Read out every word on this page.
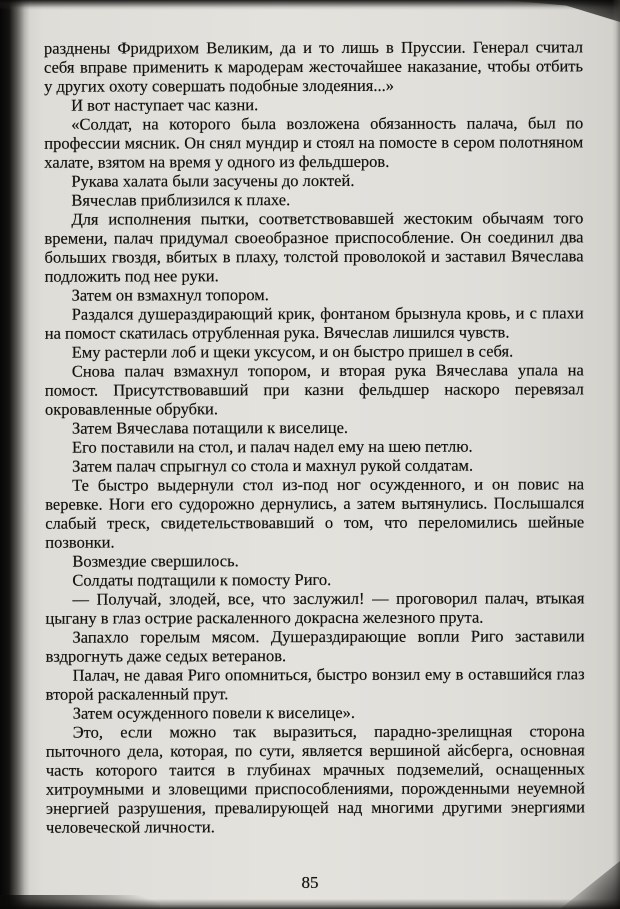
разднены Фридрихом Великим, да и то лишь в Пруссии. Генерал считал себя вправе применить к мародерам жесточайшее наказание, чтобы отбить у других охоту совершать подобные злодеяния...»

И вот наступает час казни.

«Солдат, на которого была возложена обязанность палача, был по профессии мясник. Он снял мундир и стоял на помосте в сером полотняном халате, взятом на время у одного из фельдшеров.

Рукава халата были засучены до локтей.

Вячеслав приблизился к плахе.

Для исполнения пытки, соответствовавшей жестоким обычаям того времени, палач придумал своеобразное приспособление. Он соединил два больших гвоздя, вбитых в плаху, толстой проволокой и заставил Вячеслава подложить под нее руки.

Затем он взмахнул топором.

Раздался душераздирающий крик, фонтаном брызнула кровь, и с плахи на помост скатилась отрубленная рука. Вячеслав лишился чувств.

Ему растерли лоб и щеки уксусом, и он быстро пришел в себя.

Снова палач взмахнул топором, и вторая рука Вячеслава упала на помост. Присутствовавший при казни фельдшер наскоро перевязал окровавленные обрубки.

Затем Вячеслава потащили к виселице.

Его поставили на стол, и палач надел ему на шею петлю.

Затем палач спрыгнул со стола и махнул рукой солдатам.

Те быстро выдернули стол из-под ног осужденного, и он повис на веревке. Ноги его судорожно дернулись, а затем вытянулись. Послышался слабый треск, свидетельствовавший о том, что переломились шейные позвонки.

Возмездие свершилось.

Солдаты подтащили к помосту Риго.

— Получай, злодей, все, что заслужил! — проговорил палач, втыкая цыгану в глаз острие раскаленного докрасна железного прута.

Запахло горелым мясом. Душераздирающие вопли Риго заставили вздрогнуть даже седых ветеранов.

Палач, не давая Риго опомниться, быстро вонзил ему в оставшийся глаз второй раскаленный прут.

Затем осужденного повели к виселице».

Это, если можно так выразиться, парадно-зрелищная сторона пыточного дела, которая, по сути, является вершиной айсберга, основная часть которого таится в глубинах мрачных подземелий, оснащенных хитроумными и зловещими приспособлениями, порожденными неуемной энергией разрушения, превалирующей над многими другими энергиями человеческой личности.

85
